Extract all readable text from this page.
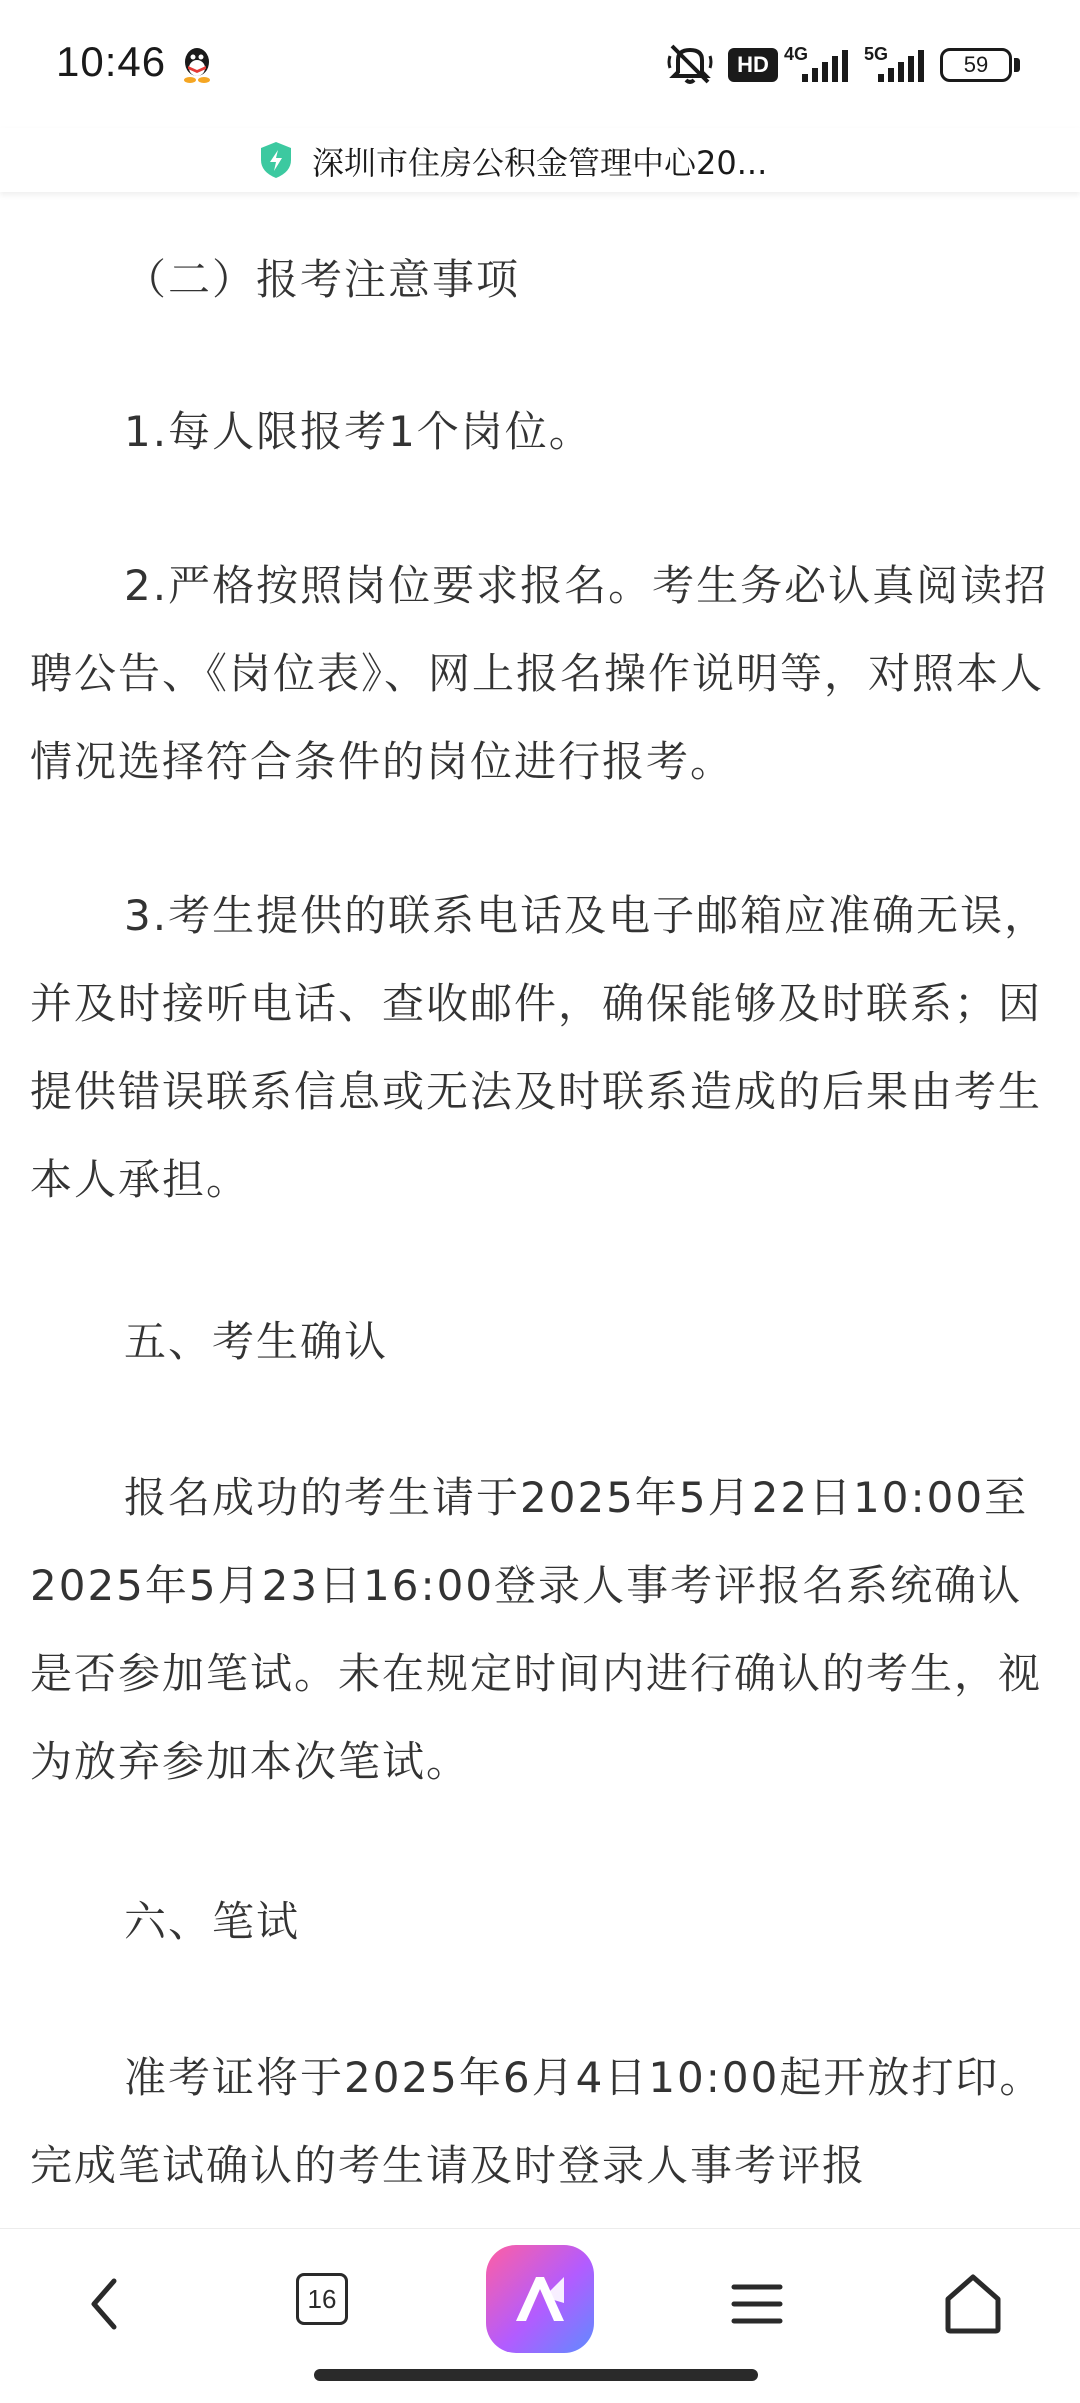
10:46	HD 4G	5G	59
深圳市住房公积金管理中心20...
（二）报考注意事项
1.每人限报考1个岗位。
2.严格按照岗位要求报名。考生务必认真阅读招聘公告、《岗位表》、网上报名操作说明等，对照本人情况选择符合条件的岗位进行报考。
3.考生提供的联系电话及电子邮箱应准确无误，并及时接听电话、查收邮件，确保能够及时联系；因提供错误联系信息或无法及时联系造成的后果由考生本人承担。
五、考生确认
报名成功的考生请于2025年5月22日10:00至2025年5月23日16:00登录人事考评报名系统确认是否参加笔试。未在规定时间内进行确认的考生，视为放弃参加本次笔试。
六、笔试
准考证将于2025年6月4日10:00起开放打印。完成笔试确认的考生请及时登录人事考评报
16
